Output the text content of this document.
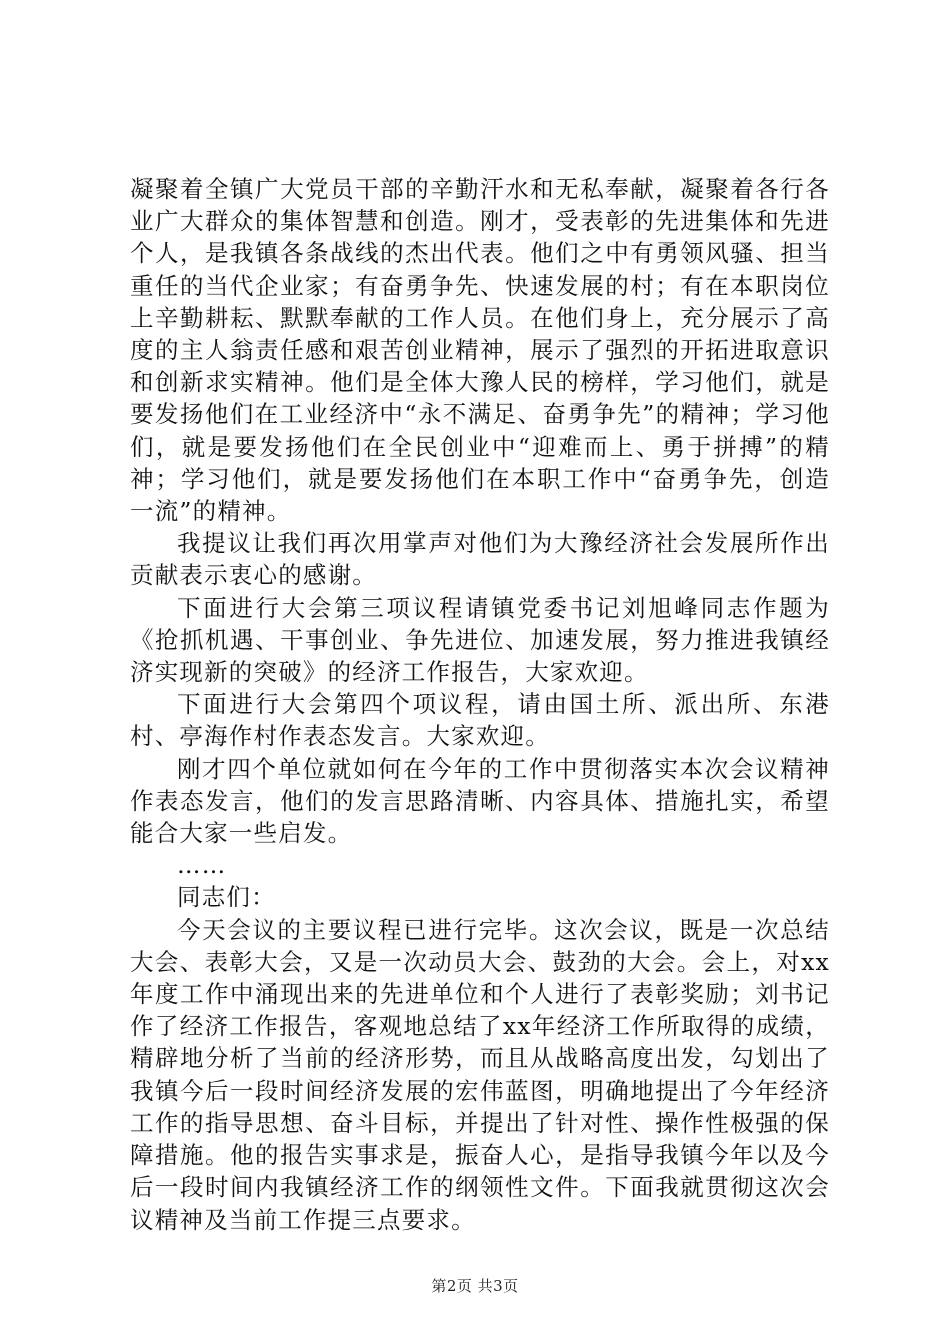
凝聚着全镇广大党员干部的辛勤汗水和无私奉献，凝聚着各行各业广大群众的集体智慧和创造。刚才，受表彰的先进集体和先进个人，是我镇各条战线的杰出代表。他们之中有勇领风骚、担当重任的当代企业家；有奋勇争先、快速发展的村；有在本职岗位上辛勤耕耘、默默奉献的工作人员。在他们身上，充分展示了高度的主人翁责任感和艰苦创业精神，展示了强烈的开拓进取意识和创新求实精神。他们是全体大豫人民的榜样，学习他们，就是要发扬他们在工业经济中“永不满足、奋勇争先”的精神；学习他们，就是要发扬他们在全民创业中“迎难而上、勇于拼搏”的精神；学习他们，就是要发扬他们在本职工作中“奋勇争先，创造一流”的精神。

我提议让我们再次用掌声对他们为大豫经济社会发展所作出贡献表示衷心的感谢。

下面进行大会第三项议程请镇党委书记刘旭峰同志作题为《抢抓机遇、干事创业、争先进位、加速发展，努力推进我镇经济实现新的突破》的经济工作报告，大家欢迎。

下面进行大会第四个项议程，请由国土所、派出所、东港村、亭海作村作表态发言。大家欢迎。

刚才四个单位就如何在今年的工作中贯彻落实本次会议精神作表态发言，他们的发言思路清晰、内容具体、措施扎实，希望能合大家一些启发。

……

同志们：

今天会议的主要议程已进行完毕。这次会议，既是一次总结大会、表彰大会，又是一次动员大会、鼓劲的大会。会上，对xx年度工作中涌现出来的先进单位和个人进行了表彰奖励；刘书记作了经济工作报告，客观地总结了xx年经济工作所取得的成绩，精辟地分析了当前的经济形势，而且从战略高度出发，勾划出了我镇今后一段时间经济发展的宏伟蓝图，明确地提出了今年经济工作的指导思想、奋斗目标，并提出了针对性、操作性极强的保障措施。他的报告实事求是，振奋人心，是指导我镇今年以及今后一段时间内我镇经济工作的纲领性文件。下面我就贯彻这次会议精神及当前工作提三点要求。

第2页 共3页
